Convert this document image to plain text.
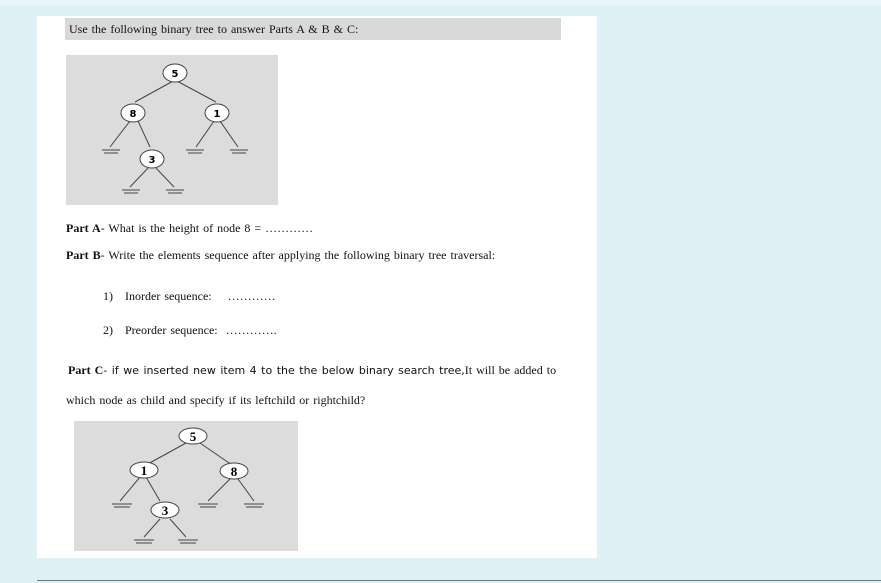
Use the following binary tree to answer Parts A & B & C:
5
8	1
3
Part A- What is the height of node 8 = …………
Part B- Write the elements sequence after applying the following binary tree traversal:
1) Inorder sequence: …………
2) Preorder sequence: ………….
Part C- if we inserted new item 4 to the the below binary search tree,It will be added to
which node as child and specify if its leftchild or rightchild?
5
1	8
3
